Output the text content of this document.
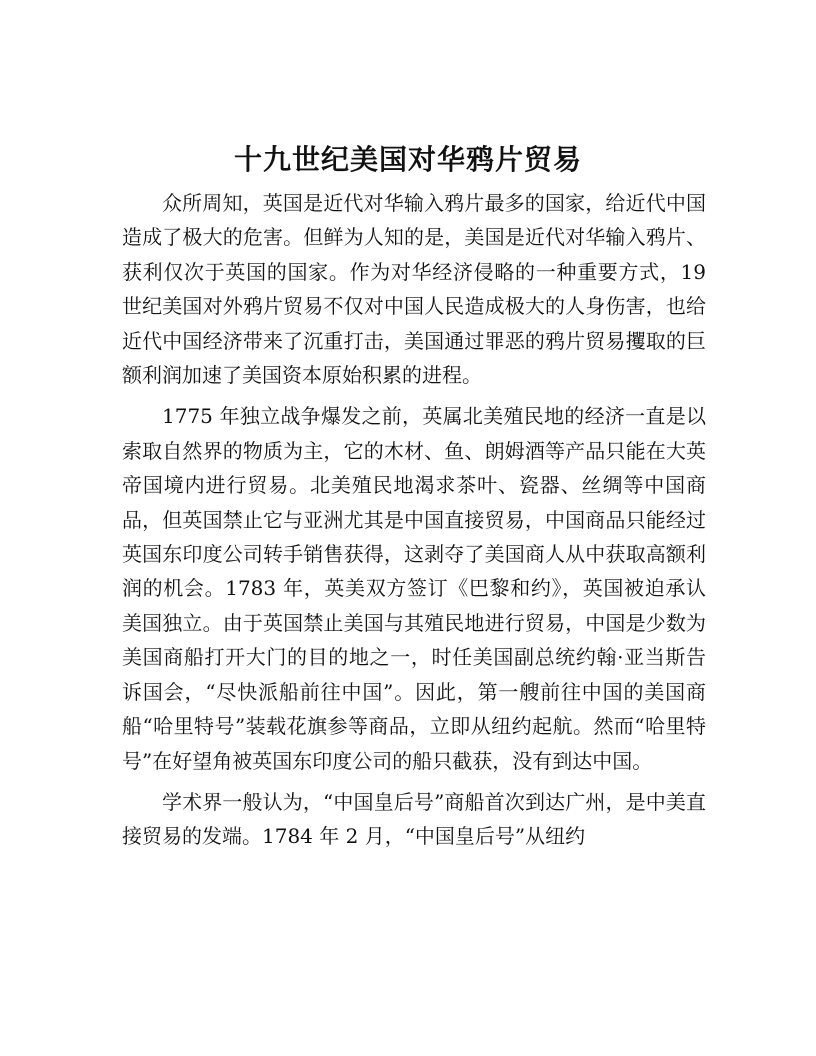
十九世纪美国对华鸦片贸易

众所周知，英国是近代对华输入鸦片最多的国家，给近代中国造成了极大的危害。但鲜为人知的是，美国是近代对华输入鸦片、获利仅次于英国的国家。作为对华经济侵略的一种重要方式，19 世纪美国对外鸦片贸易不仅对中国人民造成极大的人身伤害，也给近代中国经济带来了沉重打击，美国通过罪恶的鸦片贸易攫取的巨额利润加速了美国资本原始积累的进程。

1775 年独立战争爆发之前，英属北美殖民地的经济一直是以索取自然界的物质为主，它的木材、鱼、朗姆酒等产品只能在大英帝国境内进行贸易。北美殖民地渴求茶叶、瓷器、丝绸等中国商品，但英国禁止它与亚洲尤其是中国直接贸易，中国商品只能经过英国东印度公司转手销售获得，这剥夺了美国商人从中获取高额利润的机会。1783 年，英美双方签订《巴黎和约》，英国被迫承认美国独立。由于英国禁止美国与其殖民地进行贸易，中国是少数为美国商船打开大门的目的地之一，时任美国副总统约翰·亚当斯告诉国会，“尽快派船前往中国”。因此，第一艘前往中国的美国商船“哈里特号”装载花旗参等商品，立即从纽约起航。然而“哈里特号”在好望角被英国东印度公司的船只截获，没有到达中国。

学术界一般认为，“中国皇后号”商船首次到达广州，是中美直接贸易的发端。1784 年 2 月，“中国皇后号”从纽约
